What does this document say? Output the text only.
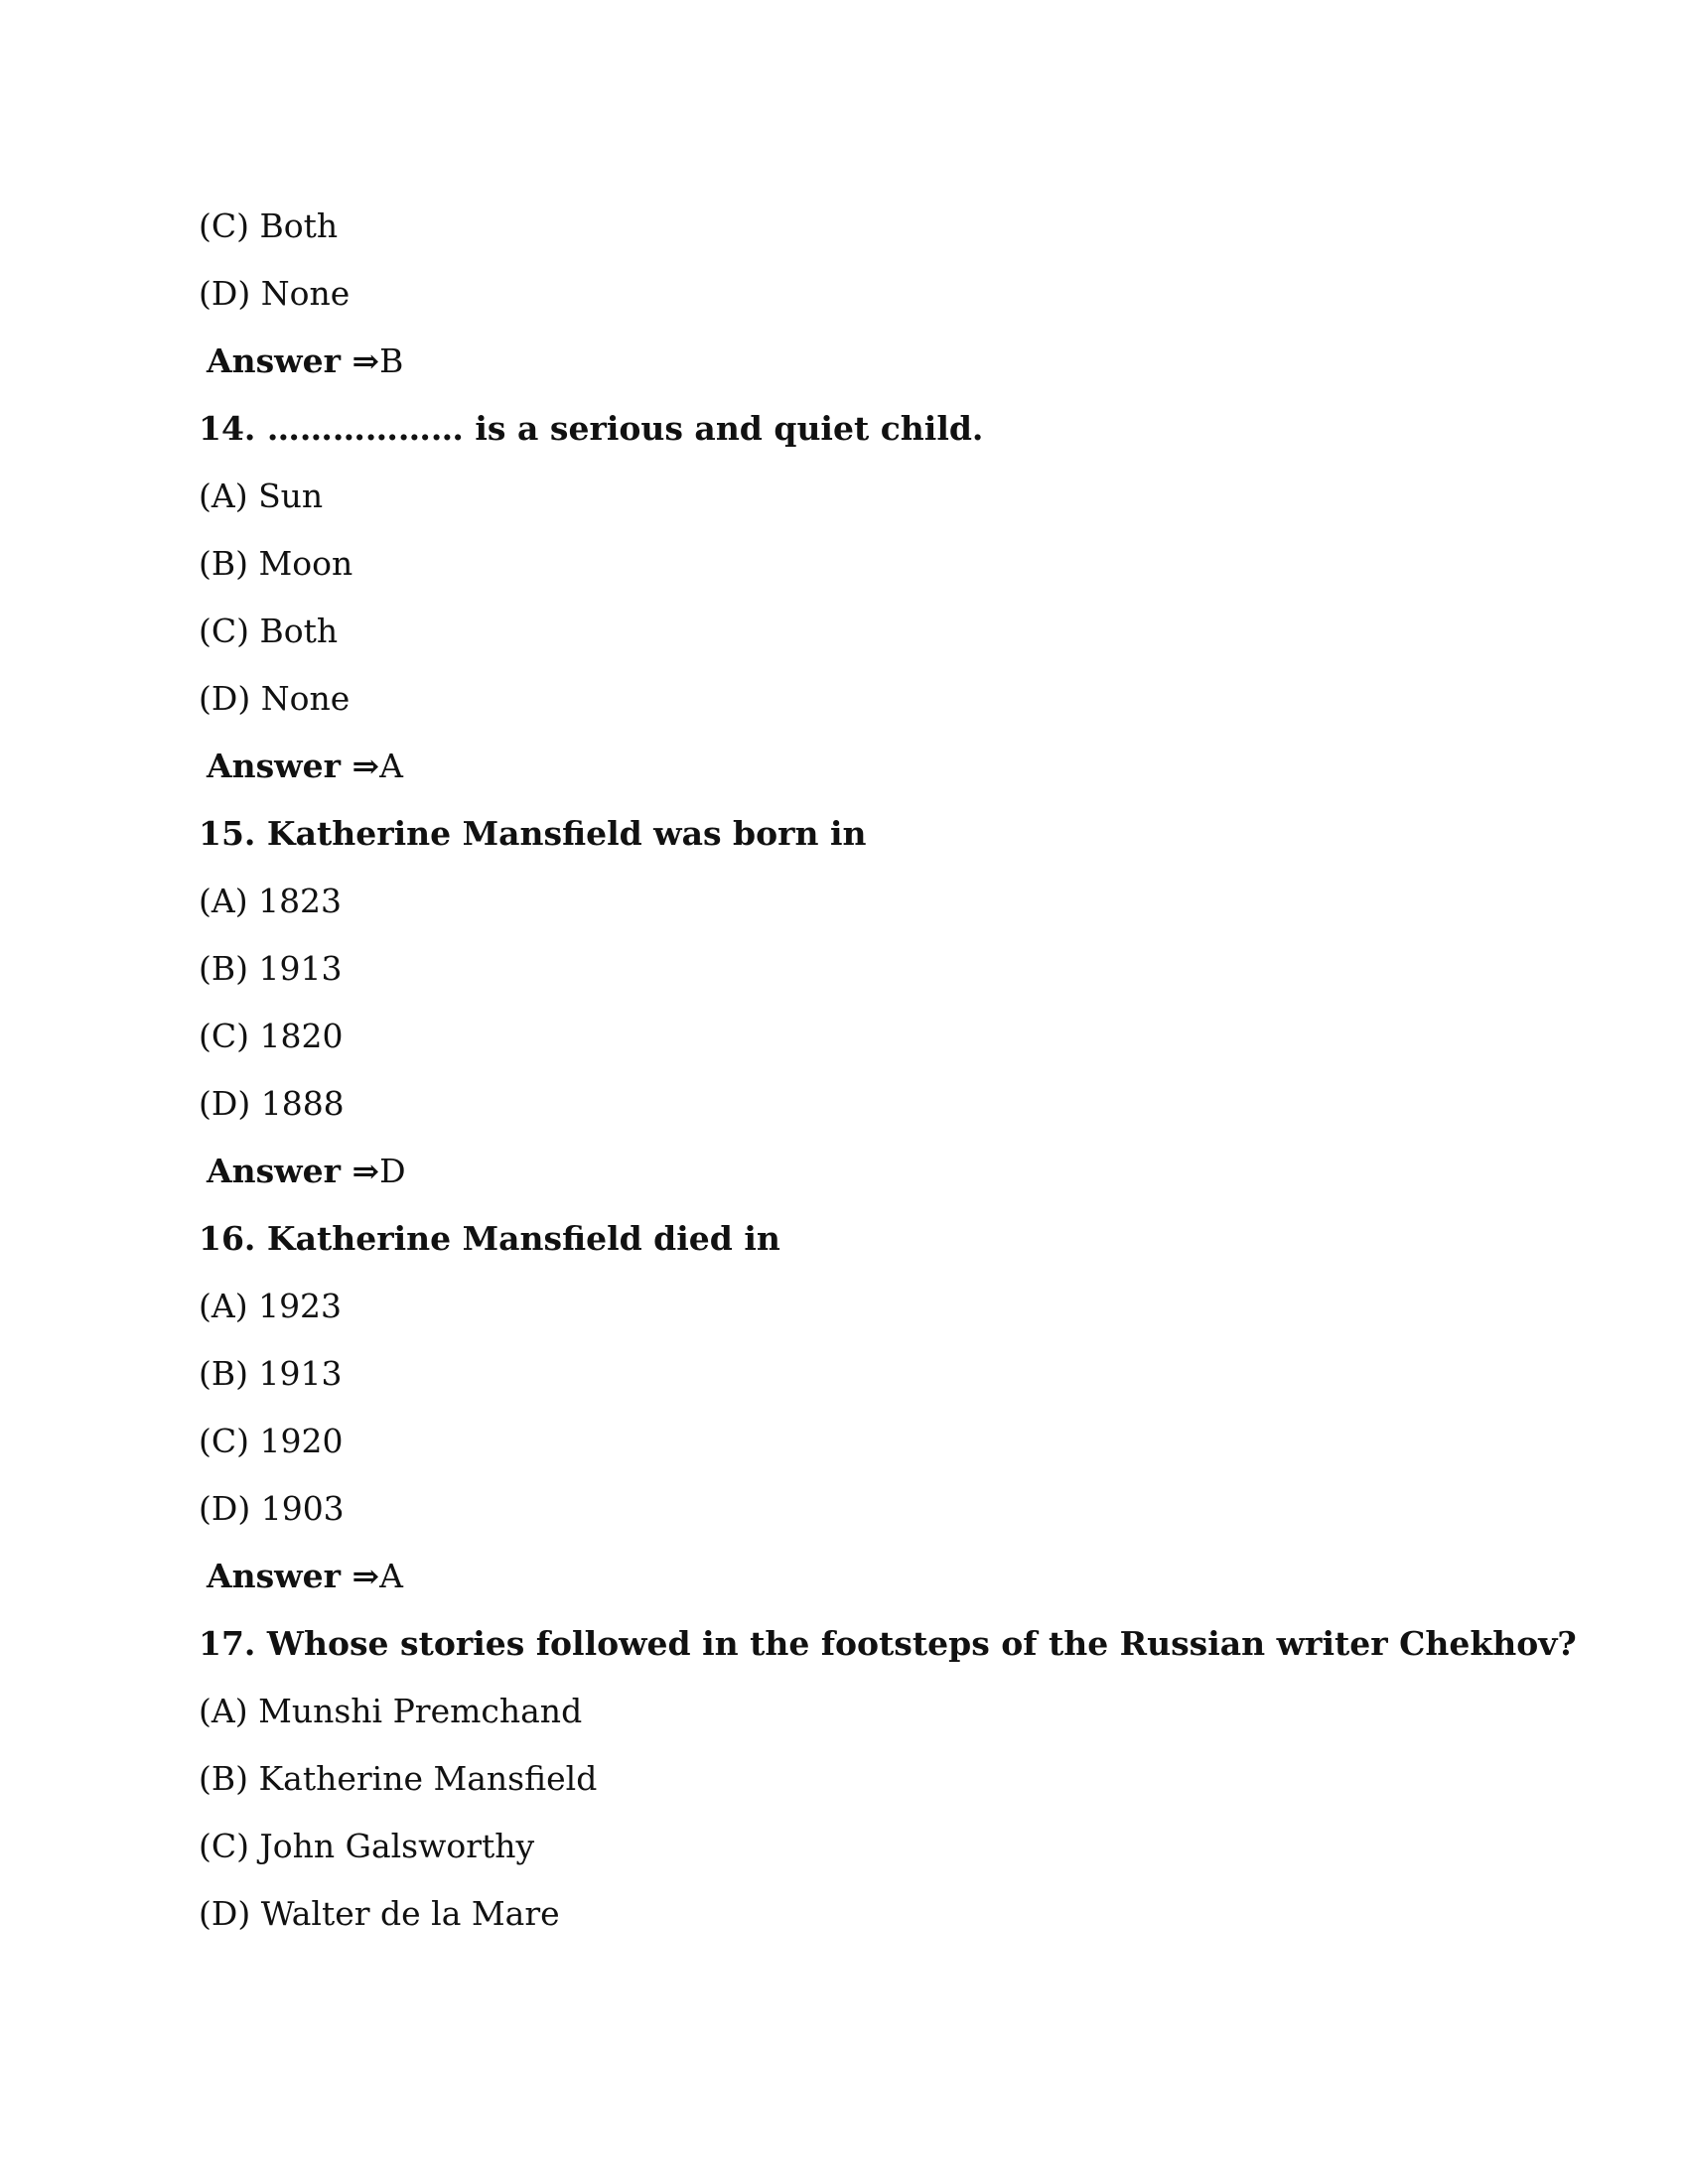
(C) Both
(D) None
Answer ⇒B
14. ……………… is a serious and quiet child.
(A) Sun
(B) Moon
(C) Both
(D) None
Answer ⇒A
15. Katherine Mansfield was born in
(A) 1823
(B) 1913
(C) 1820
(D) 1888
Answer ⇒D
16. Katherine Mansfield died in
(A) 1923
(B) 1913
(C) 1920
(D) 1903
Answer ⇒A
17. Whose stories followed in the footsteps of the Russian writer Chekhov?
(A) Munshi Premchand
(B) Katherine Mansfield
(C) John Galsworthy
(D) Walter de la Mare
